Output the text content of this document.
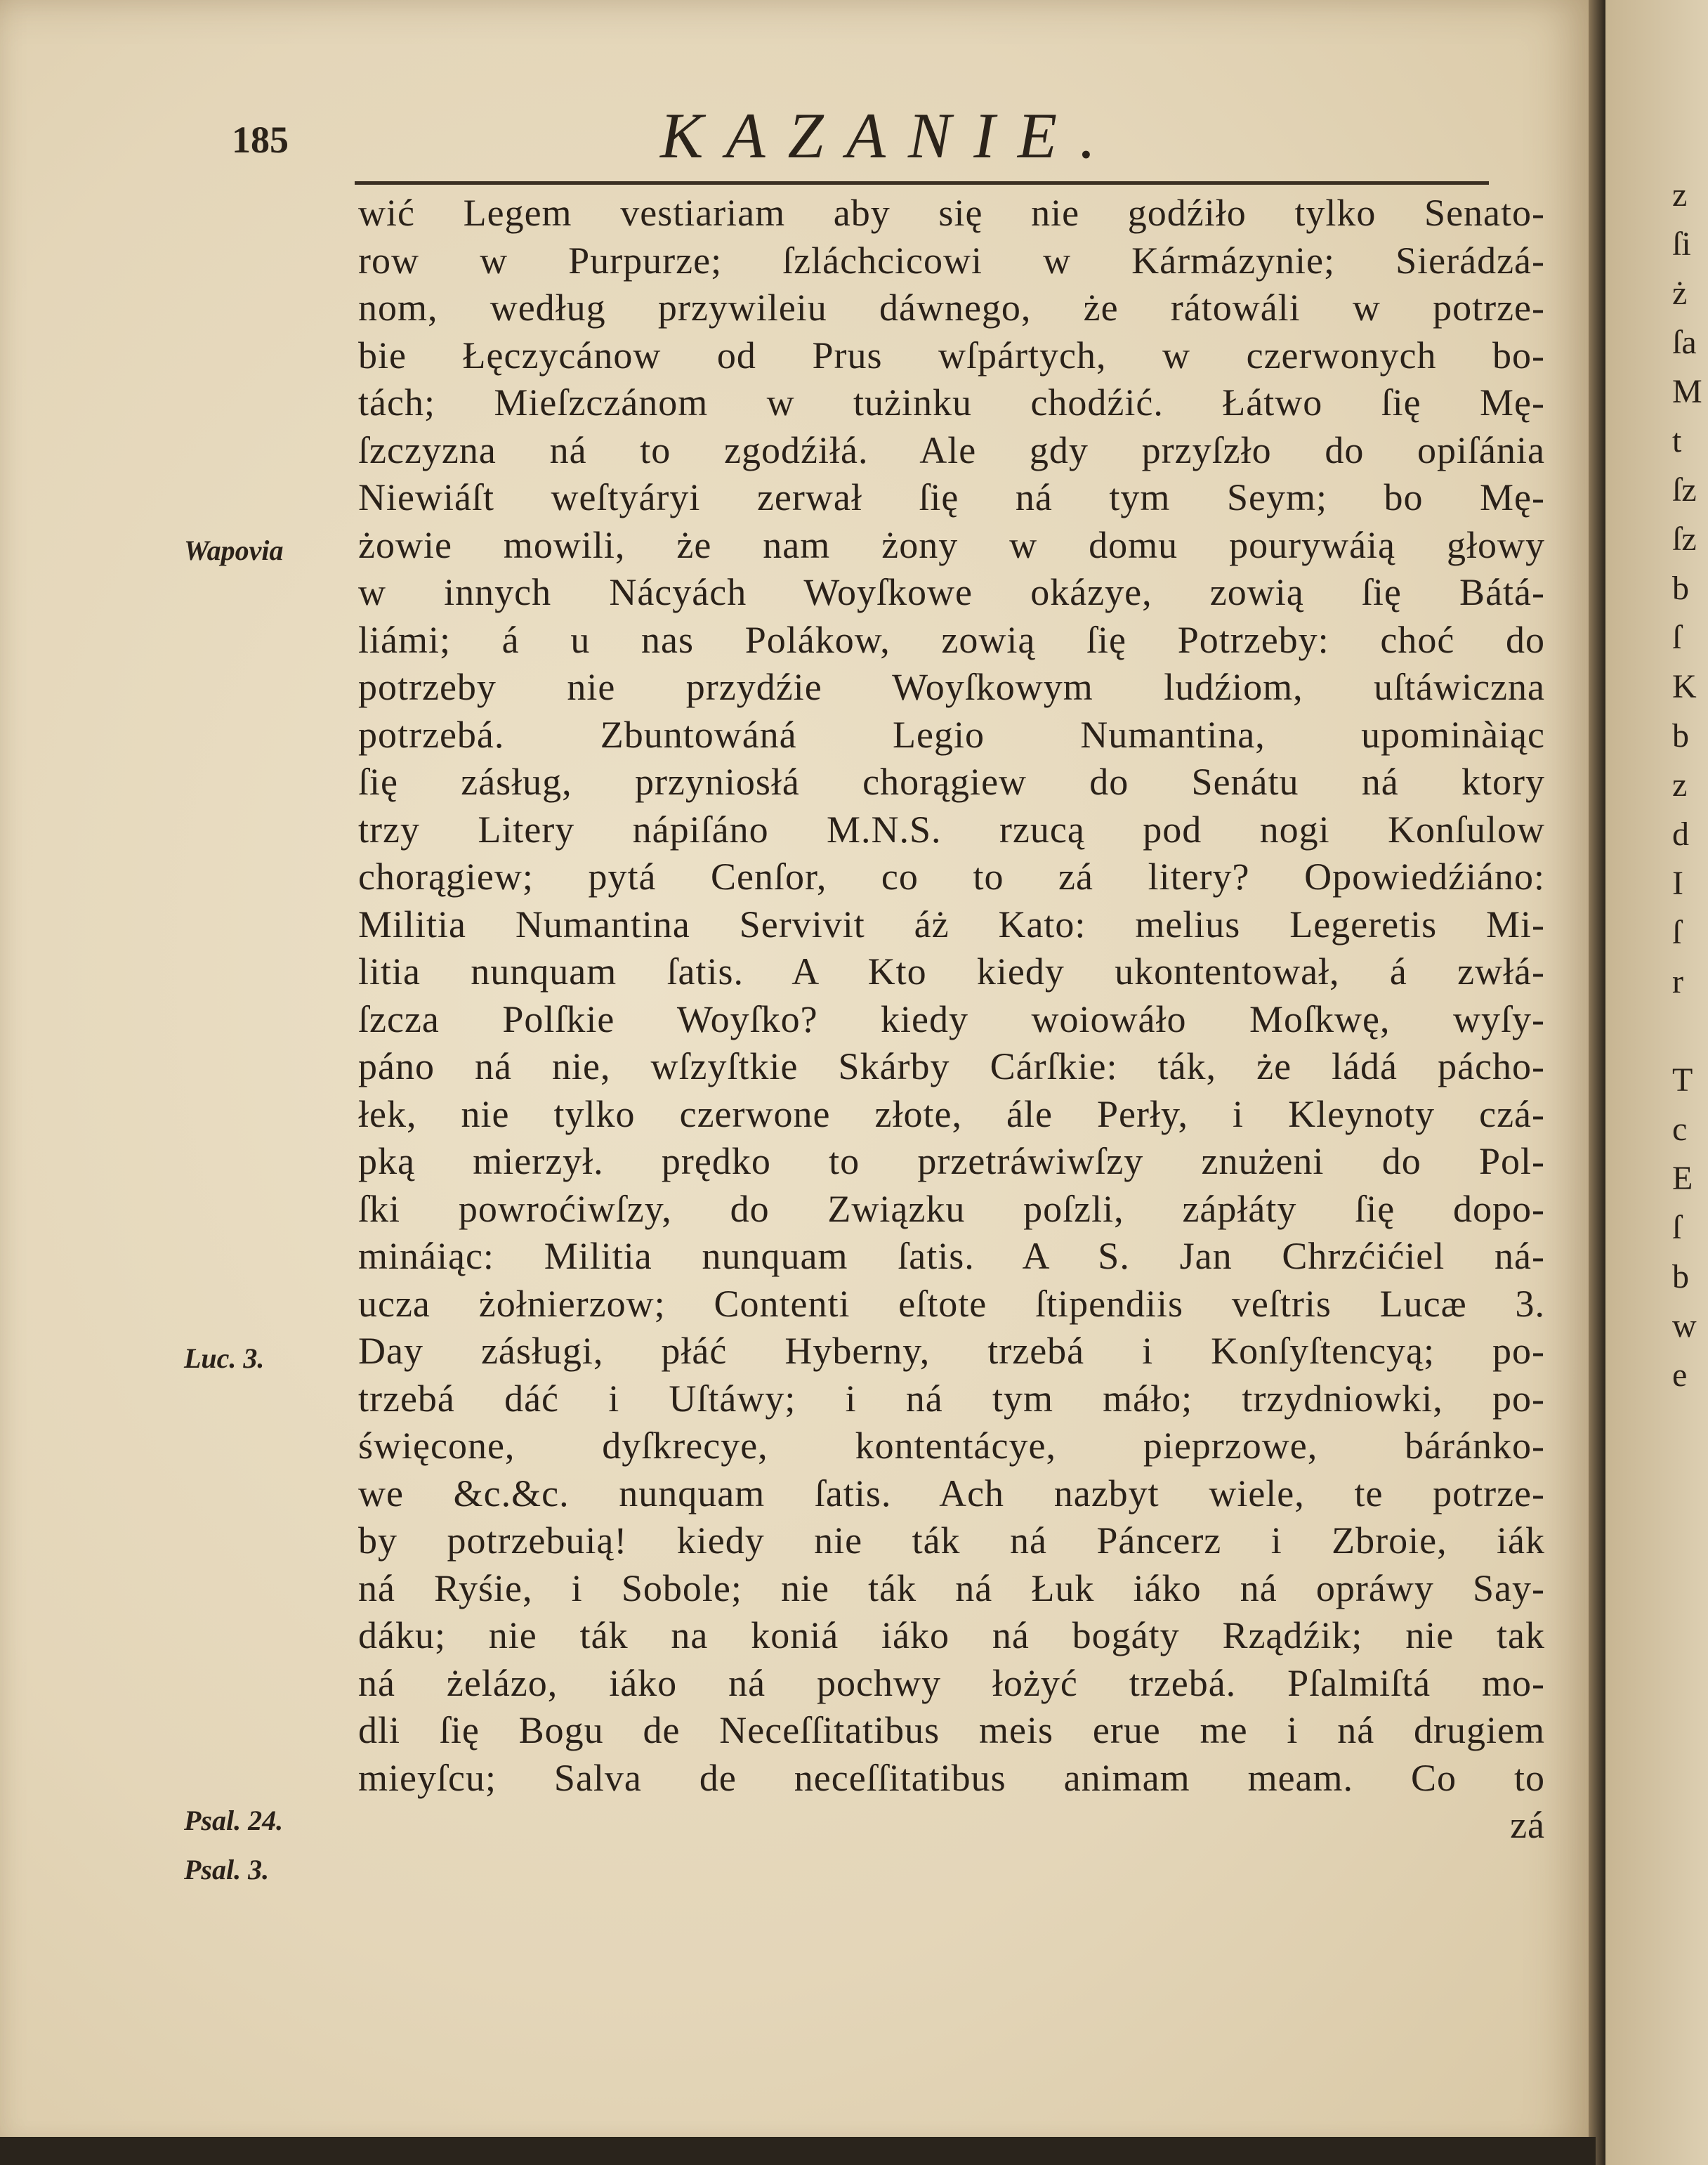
185	KAZANIE.
Wapovia
Luc. 3.
Psal. 24.
Psal. 3.
wić Legem vestiariam aby się nie godźiło tylko Senato-
row w Purpurze; ſzláchcicowi w Kármázynie; Sierádzá-
nom, według przywileiu dáwnego, że rátowáli w potrze-
bie Łęczycánow od Prus wſpártych, w czerwonych bo-
tách; Mieſzczánom w tużinku chodźić. Łátwo ſię Mę-
ſzczyzna ná to zgodźiłá. Ale gdy przyſzło do opiſánia
Niewiáſt weſtyáryi zerwał ſię ná tym Seym; bo Mę-
żowie mowili, że nam żony w domu pourywáią głowy
w innych Nácyách Woyſkowe okázye, zowią ſię Bátá-
liámi; á u nas Polákow, zowią ſię Potrzeby: choć do
potrzeby nie przydźie Woyſkowym ludźiom, uſtáwiczna
potrzebá. Zbuntowáná Legio Numantina, upominàiąc
ſię zásług, przyniosłá chorągiew do Senátu ná ktory
trzy Litery nápiſáno M.N.S. rzucą pod nogi Konſulow
chorągiew; pytá Cenſor, co to zá litery? Opowiedźiáno:
Militia Numantina Servivit áż Kato: melius Legeretis Mi-
litia nunquam ſatis. A Kto kiedy ukontentował, á zwłá-
ſzcza Polſkie Woyſko? kiedy woiowáło Moſkwę, wyſy-
páno ná nie, wſzyſtkie Skárby Cárſkie: ták, że ládá pácho-
łek, nie tylko czerwone złote, ále Perły, i Kleynoty czá-
pką mierzył. prędko to przetráwiwſzy znużeni do Pol-
ſki powroćiwſzy, do Związku poſzli, zápłáty ſię dopo-
mináiąc: Militia nunquam ſatis. A S. Jan Chrzćićiel ná-
ucza żołnierzow; Contenti eſtote ſtipendiis veſtris Lucæ 3.
Day zásługi, płáć Hyberny, trzebá i Konſyſtencyą; po-
trzebá dáć i Uſtáwy; i ná tym máło; trzydniowki, po-
święcone, dyſkrecye, kontentácye, pieprzowe, báránko-
we &c.&c. nunquam ſatis. Ach nazbyt wiele, te potrze-
by potrzebuią! kiedy nie ták ná Páncerz i Zbroie, iák
ná Ryśie, i Sobole; nie ták ná Łuk iáko ná opráwy Say-
dáku; nie ták na koniá iáko ná bogáty Rządźik; nie tak
ná żelázo, iáko ná pochwy łożyć trzebá. Pſalmiſtá mo-
dli ſię Bogu de Neceſſitatibus meis erue me i ná drugiem
mieyſcu; Salva de neceſſitatibus animam meam. Co to
zá
z
ſi
ż
ſa
M
t
ſz
ſz
b
ſ
K
b
z
d
I
ſ
r
T
c
E
ſ
b
w
e
